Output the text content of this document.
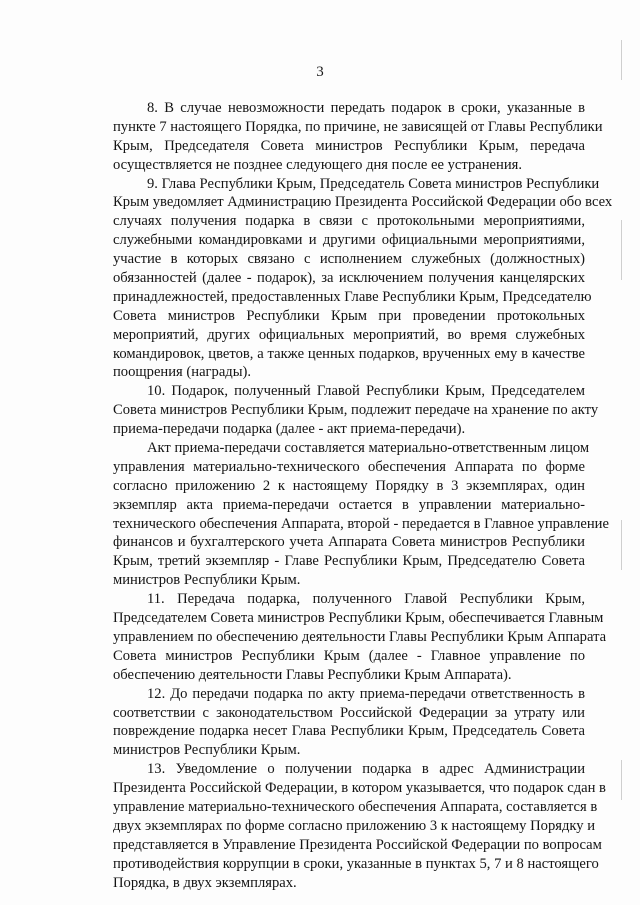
3
8. В случае невозможности передать подарок в сроки, указанные в
пункте 7 настоящего Порядка, по причине, не зависящей от Главы Республики
Крым, Председателя Совета министров Республики Крым, передача
осуществляется не позднее следующего дня после ее устранения.
9. Глава Республики Крым, Председатель Совета министров Республики
Крым уведомляет Администрацию Президента Российской Федерации обо всех
случаях получения подарка в связи с протокольными мероприятиями,
служебными командировками и другими официальными мероприятиями,
участие в которых связано с исполнением служебных (должностных)
обязанностей (далее - подарок), за исключением получения канцелярских
принадлежностей, предоставленных Главе Республики Крым, Председателю
Совета министров Республики Крым при проведении протокольных
мероприятий, других официальных мероприятий, во время служебных
командировок, цветов, а также ценных подарков, врученных ему в качестве
поощрения (награды).
10. Подарок, полученный Главой Республики Крым, Председателем
Совета министров Республики Крым, подлежит передаче на хранение по акту
приема-передачи подарка (далее - акт приема-передачи).
Акт приема-передачи составляется материально-ответственным лицом
управления материально-технического обеспечения Аппарата по форме
согласно приложению 2 к настоящему Порядку в 3 экземплярах, один
экземпляр акта приема-передачи остается в управлении материально-
технического обеспечения Аппарата, второй - передается в Главное управление
финансов и бухгалтерского учета Аппарата Совета министров Республики
Крым, третий экземпляр - Главе Республики Крым, Председателю Совета
министров Республики Крым.
11. Передача подарка, полученного Главой Республики Крым,
Председателем Совета министров Республики Крым, обеспечивается Главным
управлением по обеспечению деятельности Главы Республики Крым Аппарата
Совета министров Республики Крым (далее - Главное управление по
обеспечению деятельности Главы Республики Крым Аппарата).
12. До передачи подарка по акту приема-передачи ответственность в
соответствии с законодательством Российской Федерации за утрату или
повреждение подарка несет Глава Республики Крым, Председатель Совета
министров Республики Крым.
13. Уведомление о получении подарка в адрес Администрации
Президента Российской Федерации, в котором указывается, что подарок сдан в
управление материально-технического обеспечения Аппарата, составляется в
двух экземплярах по форме согласно приложению 3 к настоящему Порядку и
представляется в Управление Президента Российской Федерации по вопросам
противодействия коррупции в сроки, указанные в пунктах 5, 7 и 8 настоящего
Порядка, в двух экземплярах.
